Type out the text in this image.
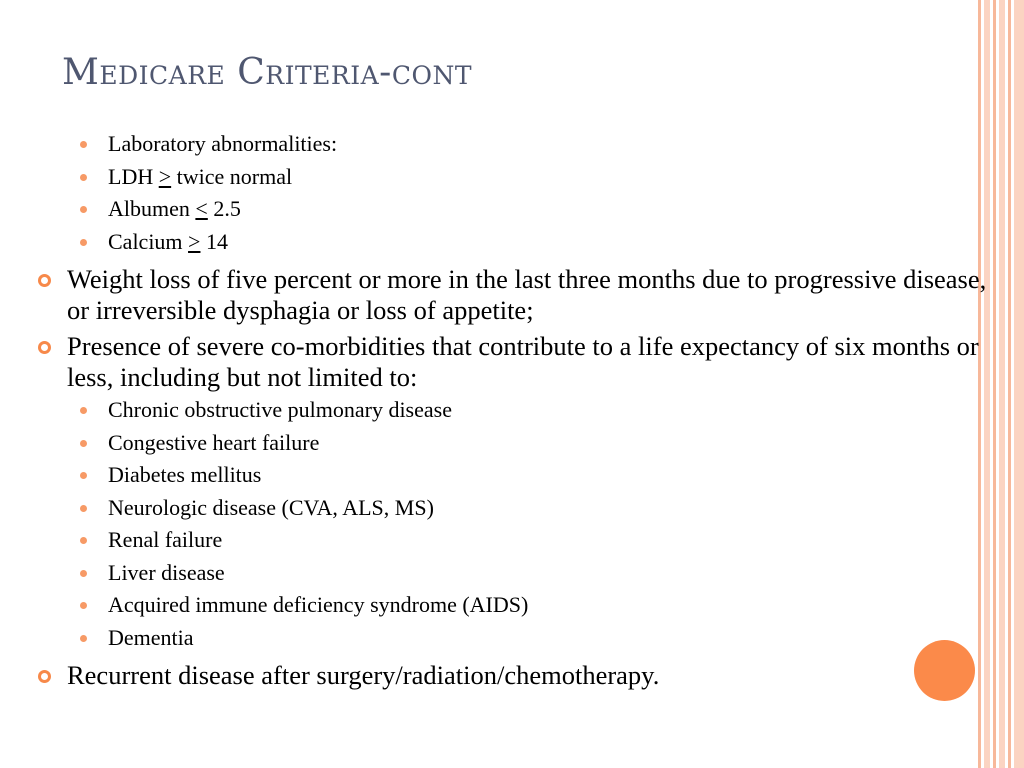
Medicare Criteria-cont
Laboratory abnormalities:
LDH > twice normal
Albumen < 2.5
Calcium > 14
Weight loss of five percent or more in the last three months due to progressive disease, or irreversible dysphagia or loss of appetite;
Presence of severe co-morbidities that contribute to a life expectancy of six months or less, including but not limited to:
Chronic obstructive pulmonary disease
Congestive heart failure
Diabetes mellitus
Neurologic disease (CVA, ALS, MS)
Renal failure
Liver disease
Acquired immune deficiency syndrome (AIDS)
Dementia
Recurrent disease after surgery/radiation/chemotherapy.
